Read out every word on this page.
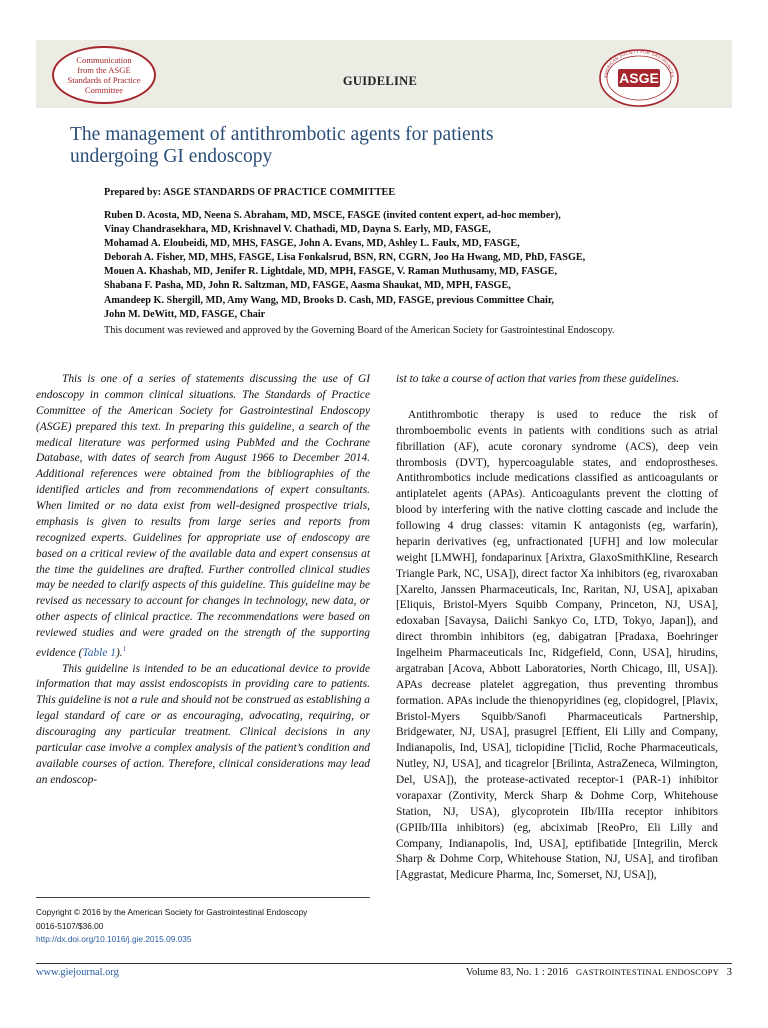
Communication
from the ASGE
Standards of Practice
Committee
GUIDELINE	AMERICAN SOCIETY FOR GASTROINTES
ASGE
The management of antithrombotic agents for patients
undergoing GI endoscopy
Prepared by: ASGE STANDARDS OF PRACTICE COMMITTEE
Ruben D. Acosta, MD, Neena S. Abraham, MD, MSCE, FASGE (invited content expert, ad-hoc member),
Vinay Chandrasekhara, MD, Krishnavel V. Chathadi, MD, Dayna S. Early, MD, FASGE,
Mohamad A. Eloubeidi, MD, MHS, FASGE, John A. Evans, MD, Ashley L. Faulx, MD, FASGE,
Deborah A. Fisher, MD, MHS, FASGE, Lisa Fonkalsrud, BSN, RN, CGRN, Joo Ha Hwang, MD, PhD, FASGE,
Mouen A. Khashab, MD, Jenifer R. Lightdale, MD, MPH, FASGE, V. Raman Muthusamy, MD, FASGE,
Shabana F. Pasha, MD, John R. Saltzman, MD, FASGE, Aasma Shaukat, MD, MPH, FASGE,
Amandeep K. Shergill, MD, Amy Wang, MD, Brooks D. Cash, MD, FASGE, previous Committee Chair,
John M. DeWitt, MD, FASGE, Chair
This document was reviewed and approved by the Governing Board of the American Society for Gastrointestinal Endoscopy.

This is one of a series of statements discussing the use of GI endoscopy in common clinical situations. The Standards of Practice Committee of the American Society for Gastrointestinal Endoscopy (ASGE) prepared this text. In preparing this guideline, a search of the medical literature was performed using PubMed and the Cochrane Database, with dates of search from August 1966 to December 2014. Additional references were obtained from the bibliographies of the identified articles and from recommendations of expert consultants. When limited or no data exist from well-designed prospective trials, emphasis is given to results from large series and reports from recognized experts. Guidelines for appropriate use of endoscopy are based on a critical review of the available data and expert consensus at the time the guidelines are drafted. Further controlled clinical studies may be needed to clarify aspects of this guideline. This guideline may be revised as necessary to account for changes in technology, new data, or other aspects of clinical practice. The recommendations were based on reviewed studies and were graded on the strength of the supporting evidence (Table 1).$^1$

This guideline is intended to be an educational device to provide information that may assist endoscopists in providing care to patients. This guideline is not a rule and should not be construed as establishing a legal standard of care or as encouraging, advocating, requiring, or discouraging any particular treatment. Clinical decisions in any particular case involve a complex analysis of the patient’s condition and available courses of action. Therefore, clinical considerations may lead an endoscop-

ist to take a course of action that varies from these guidelines.

Antithrombotic therapy is used to reduce the risk of thromboembolic events in patients with conditions such as atrial fibrillation (AF), acute coronary syndrome (ACS), deep vein thrombosis (DVT), hypercoagulable states, and endoprostheses. Antithrombotics include medications classified as anticoagulants or antiplatelet agents (APAs). Anticoagulants prevent the clotting of blood by interfering with the native clotting cascade and include the following 4 drug classes: vitamin K antagonists (eg, warfarin), heparin derivatives (eg, unfractionated [UFH] and low molecular weight [LMWH], fondaparinux [Arixtra, GlaxoSmithKline, Research Triangle Park, NC, USA]), direct factor Xa inhibitors (eg, rivaroxaban [Xarelto, Janssen Pharmaceuticals, Inc, Raritan, NJ, USA], apixaban [Eliquis, Bristol-Myers Squibb Company, Princeton, NJ, USA], edoxaban [Savaysa, Daiichi Sankyo Co, LTD, Tokyo, Japan]), and direct thrombin inhibitors (eg, dabigatran [Pradaxa, Boehringer Ingelheim Pharmaceuticals Inc, Ridgefield, Conn, USA], hirudins, argatraban [Acova, Abbott Laboratories, North Chicago, Ill, USA]). APAs decrease platelet aggregation, thus preventing thrombus formation. APAs include the thienopyridines (eg, clopidogrel, [Plavix, Bristol-Myers Squibb/Sanofi Pharmaceuticals Partnership, Bridgewater, NJ, USA], prasugrel [Effient, Eli Lilly and Company, Indianapolis, Ind, USA], ticlopidine [Ticlid, Roche Pharmaceuticals, Nutley, NJ, USA], and ticagrelor [Brilinta, AstraZeneca, Wilmington, Del, USA]), the protease-activated receptor-1 (PAR-1) inhibitor vorapaxar (Zontivity, Merck Sharp & Dohme Corp, Whitehouse Station, NJ, USA), glycoprotein IIb/IIIa receptor inhibitors (GPIIb/IIIa inhibitors) (eg, abciximab [ReoPro, Eli Lilly and Company, Indianapolis, Ind, USA], eptifibatide [Integrilin, Merck Sharp & Dohme Corp, Whitehouse Station, NJ, USA], and tirofiban [Aggrastat, Medicure Pharma, Inc, Somerset, NJ, USA]),

Copyright © 2016 by the American Society for Gastrointestinal Endoscopy
0016-5107/$36.00
http://dx.doi.org/10.1016/j.gie.2015.09.035
www.giejournal.org	Volume 83, No. 1 : 2016 GASTROINTESTINAL ENDOSCOPY 3
